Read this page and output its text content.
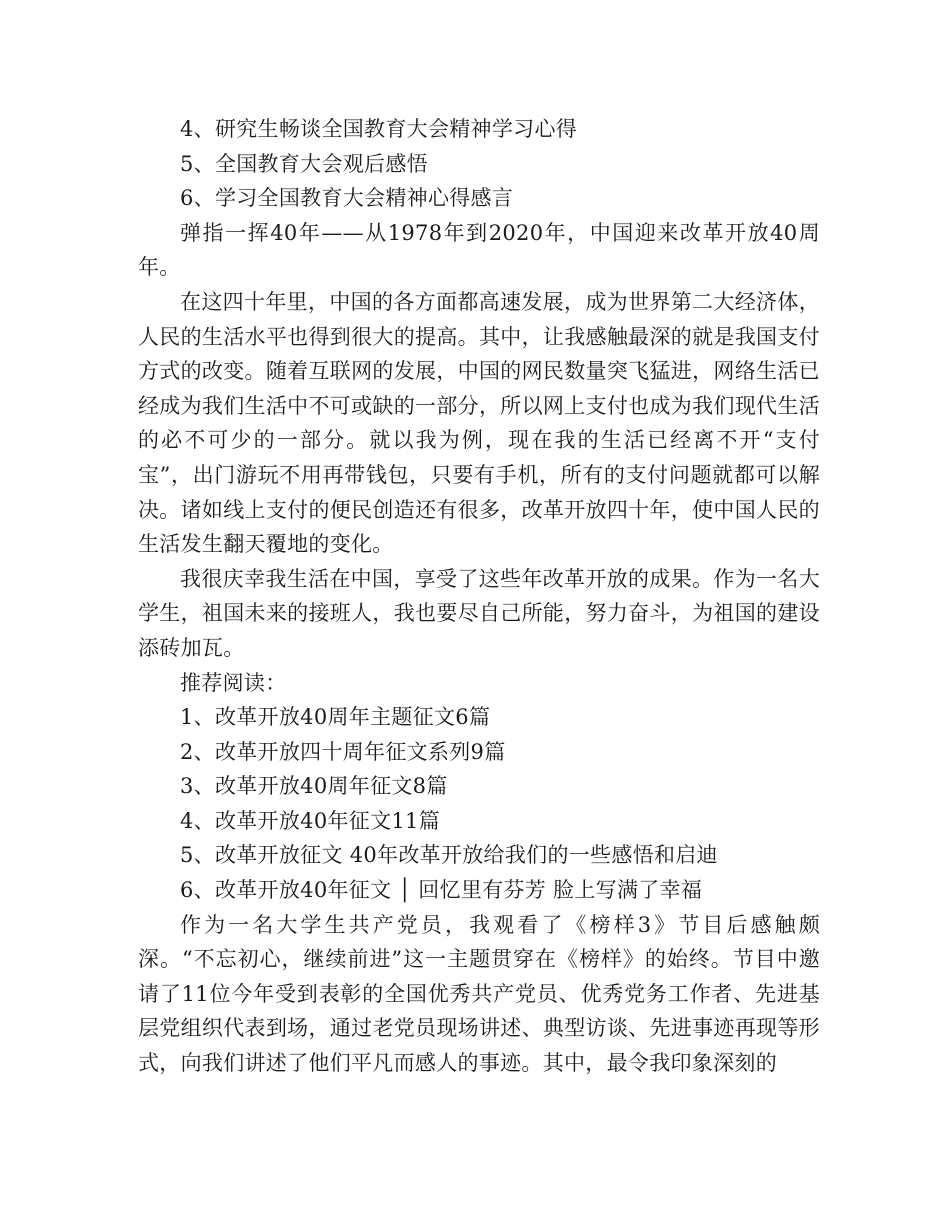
4、研究生畅谈全国教育大会精神学习心得

5、全国教育大会观后感悟

6、学习全国教育大会精神心得感言

弹指一挥40年——从1978年到2020年，中国迎来改革开放40周年。

在这四十年里，中国的各方面都高速发展，成为世界第二大经济体，人民的生活水平也得到很大的提高。其中，让我感触最深的就是我国支付方式的改变。随着互联网的发展，中国的网民数量突飞猛进，网络生活已经成为我们生活中不可或缺的一部分，所以网上支付也成为我们现代生活的必不可少的一部分。就以我为例，现在我的生活已经离不开“支付宝”，出门游玩不用再带钱包，只要有手机，所有的支付问题就都可以解决。诸如线上支付的便民创造还有很多，改革开放四十年，使中国人民的生活发生翻天覆地的变化。

我很庆幸我生活在中国，享受了这些年改革开放的成果。作为一名大学生，祖国未来的接班人，我也要尽自己所能，努力奋斗，为祖国的建设添砖加瓦。

推荐阅读：

1、改革开放40周年主题征文6篇

2、改革开放四十周年征文系列9篇

3、改革开放40周年征文8篇

4、改革开放40年征文11篇

5、改革开放征文 40年改革开放给我们的一些感悟和启迪

6、改革开放40年征文 │ 回忆里有芬芳 脸上写满了幸福

作为一名大学生共产党员，我观看了《榜样3》节目后感触颇深。“不忘初心，继续前进”这一主题贯穿在《榜样》的始终。节目中邀请了11位今年受到表彰的全国优秀共产党员、优秀党务工作者、先进基层党组织代表到场，通过老党员现场讲述、典型访谈、先进事迹再现等形式，向我们讲述了他们平凡而感人的事迹。其中，最令我印象深刻的
